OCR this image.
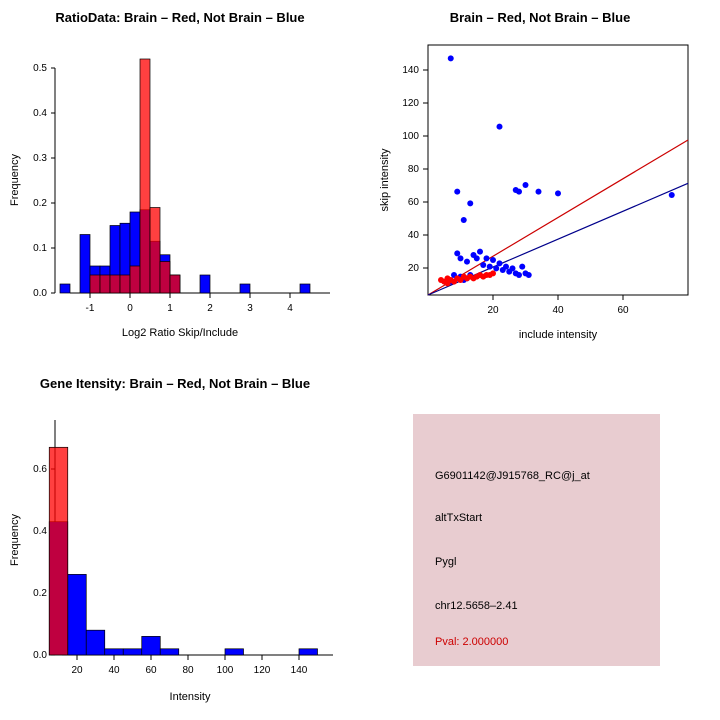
RatioData: Brain – Red, Not Brain – Blue
0.0
0.1
0.2
0.3
0.4
0.5
Frequency
-1	0	1	2	3	4
Log2 Ratio Skip/Include
Brain – Red, Not Brain – Blue
20
40
60
80
100
120
140
skip intensity
20	40	60
include intensity
Gene Itensity: Brain – Red, Not Brain – Blue
0.0
0.2
0.4
0.6
Frequency
20	40	60	80 100 120 140
Intensity
G6901142@J915768_RC@j_at
altTxStart
Pygl
chr12.5658–2.41
Pval: 2.000000
